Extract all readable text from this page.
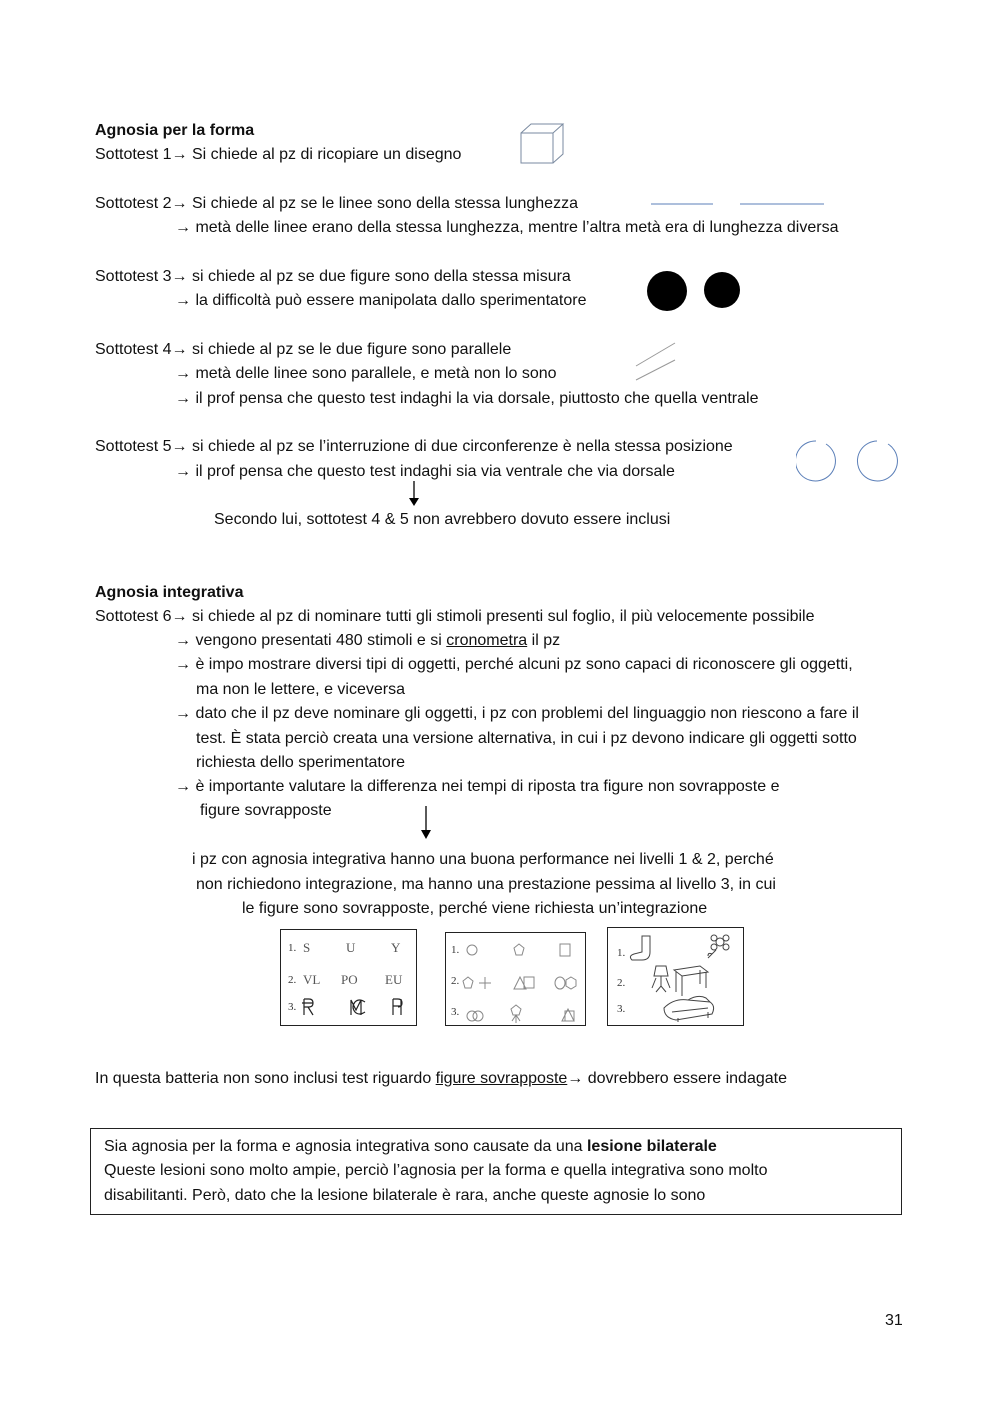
Agnosia per la forma
Sottotest 1→ Si chiede al pz di ricopiare un disegno
Sottotest 2→ Si chiede al pz se le linee sono della stessa lunghezza
→ metà delle linee erano della stessa lunghezza, mentre l’altra metà era di lunghezza diversa
Sottotest 3→ si chiede al pz se due figure sono della stessa misura
→ la difficoltà può essere manipolata dallo sperimentatore
Sottotest 4→ si chiede al pz se le due figure sono parallele
→ metà delle linee sono parallele, e metà non lo sono
→ il prof pensa che questo test indaghi la via dorsale, piuttosto che quella ventrale
Sottotest 5→ si chiede al pz se l’interruzione di due circonferenze è nella stessa posizione
→ il prof pensa che questo test indaghi sia via ventrale che via dorsale
Secondo lui, sottotest 4 & 5 non avrebbero dovuto essere inclusi
Agnosia integrativa
Sottotest 6→ si chiede al pz di nominare tutti gli stimoli presenti sul foglio, il più velocemente possibile
→ vengono presentati 480 stimoli e si cronometra il pz
→ è impo mostrare diversi tipi di oggetti, perché alcuni pz sono capaci di riconoscere gli oggetti,
ma non le lettere, e viceversa
→ dato che il pz deve nominare gli oggetti, i pz con problemi del linguaggio non riescono a fare il
test. È stata perciò creata una versione alternativa, in cui i pz devono indicare gli oggetti sotto
richiesta dello sperimentatore
→ è importante valutare la differenza nei tempi di riposta tra figure non sovrapposte e
figure sovrapposte
i pz con agnosia integrativa hanno una buona performance nei livelli 1 & 2, perché
non richiedono integrazione, ma hanno una prestazione pessima al livello 3, in cui
le figure sono sovrapposte, perché viene richiesta un’integrazione
1. S	U	Y
2. VL PO EU
3.
1.
2.
3.
1.
2.
3.
In questa batteria non sono inclusi test riguardo figure sovrapposte→ dovrebbero essere indagate
Sia agnosia per la forma e agnosia integrativa sono causate da una lesione bilaterale
Queste lesioni sono molto ampie, perciò l’agnosia per la forma e quella integrativa sono molto
disabilitanti. Però, dato che la lesione bilaterale è rara, anche queste agnosie lo sono
31
